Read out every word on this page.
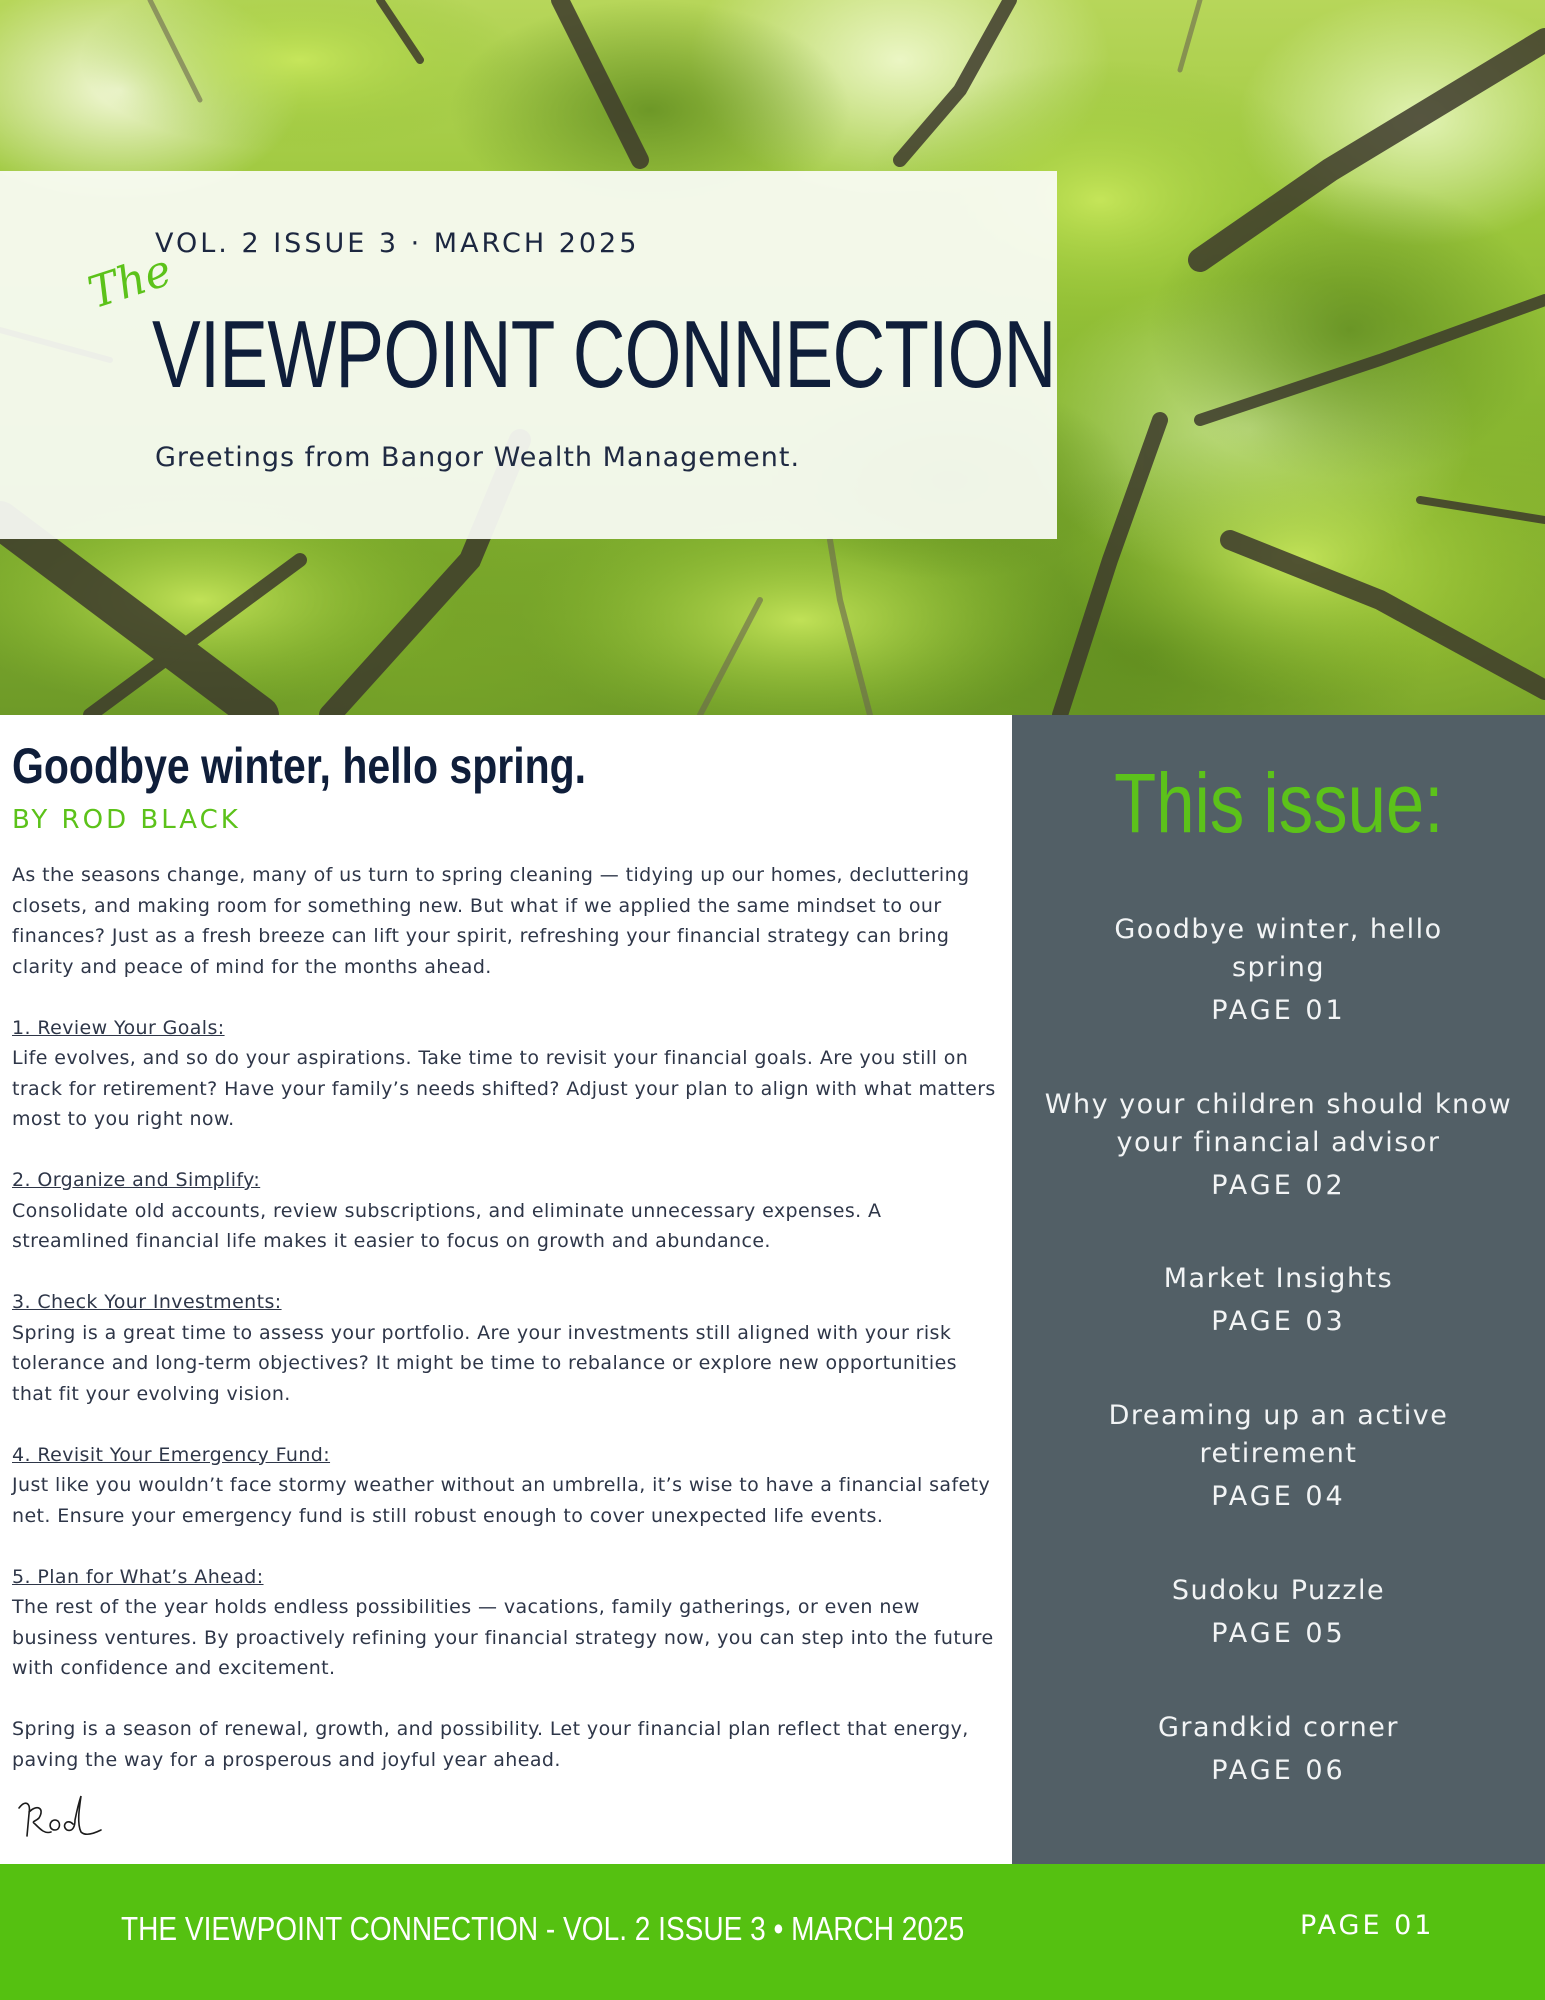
VOL. 2 ISSUE 3 · MARCH 2025
The
VIEWPOINT CONNECTION
Greetings from Bangor Wealth Management.
Goodbye winter, hello spring.
BY ROD BLACK

As the seasons change, many of us turn to spring cleaning — tidying up our homes, decluttering closets, and making room for something new. But what if we applied the same mindset to our finances? Just as a fresh breeze can lift your spirit, refreshing your financial strategy can bring clarity and peace of mind for the months ahead.

1. Review Your Goals:
Life evolves, and so do your aspirations. Take time to revisit your financial goals. Are you still on track for retirement? Have your family’s needs shifted? Adjust your plan to align with what matters most to you right now.

2. Organize and Simplify:
Consolidate old accounts, review subscriptions, and eliminate unnecessary expenses. A streamlined financial life makes it easier to focus on growth and abundance.

3. Check Your Investments:
Spring is a great time to assess your portfolio. Are your investments still aligned with your risk tolerance and long-term objectives? It might be time to rebalance or explore new opportunities that fit your evolving vision.

4. Revisit Your Emergency Fund:
Just like you wouldn’t face stormy weather without an umbrella, it’s wise to have a financial safety net. Ensure your emergency fund is still robust enough to cover unexpected life events.

5. Plan for What’s Ahead:
The rest of the year holds endless possibilities — vacations, family gatherings, or even new business ventures. By proactively refining your financial strategy now, you can step into the future with confidence and excitement.

Spring is a season of renewal, growth, and possibility. Let your financial plan reflect that energy, paving the way for a prosperous and joyful year ahead.

This issue:
Goodbye winter, hello spring
PAGE 01
Why your children should know your financial advisor
PAGE 02
Market Insights
PAGE 03
Dreaming up an active retirement
PAGE 04
Sudoku Puzzle
PAGE 05
Grandkid corner
PAGE 06
THE VIEWPOINT CONNECTION - VOL. 2 ISSUE 3 • MARCH 2025	PAGE 01
